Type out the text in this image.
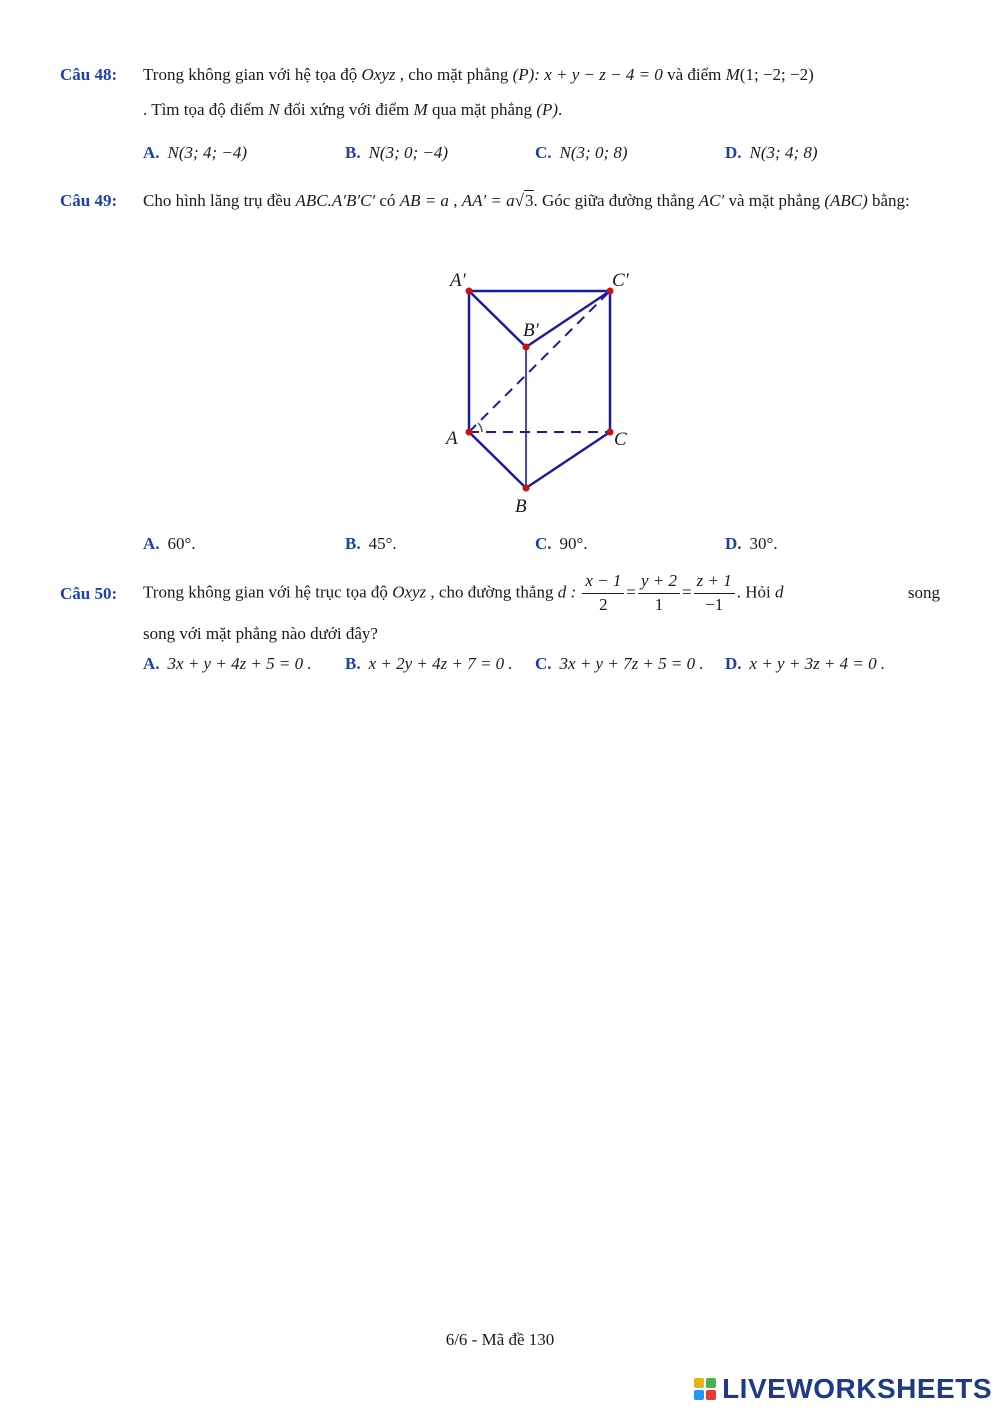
Câu 48: Trong không gian với hệ tọa độ Oxyz , cho mặt phẳng (P): x + y − z − 4 = 0 và điểm M(1; −2; −2)

. Tìm tọa độ điểm N đối xứng với điểm M qua mặt phẳng (P).

A. N(3; 4; −4)	B. N(3; 0; −4)	C. N(3; 0; 8)	D. N(3; 4; 8)
Câu 49: Cho hình lăng trụ đều ABC.A′B′C′ có AB = a , AA′ = a√3. Góc giữa đường thẳng AC′ và mặt phẳng (ABC) bằng:

A′	C′
B′
A	C
B
A. 60°.	B. 45°.	C. 90°.	D. 30°.
Câu 50: Trong không gian với hệ trục tọa độ Oxyz , cho đường thẳng d : $\frac{x - 1}{2} = \frac{y + 2}{1} = \frac{z + 1}{-1}$ . Hỏi d	song

song với mặt phẳng nào dưới đây?

A. 3x + y + 4z + 5 = 0 . B. x + 2y + 4z + 7 = 0 . C. 3x + y + 7z + 5 = 0 . D. x + y + 3z + 4 = 0 .
6/6 - Mã đề 130
LIVEWORKSHEETS
